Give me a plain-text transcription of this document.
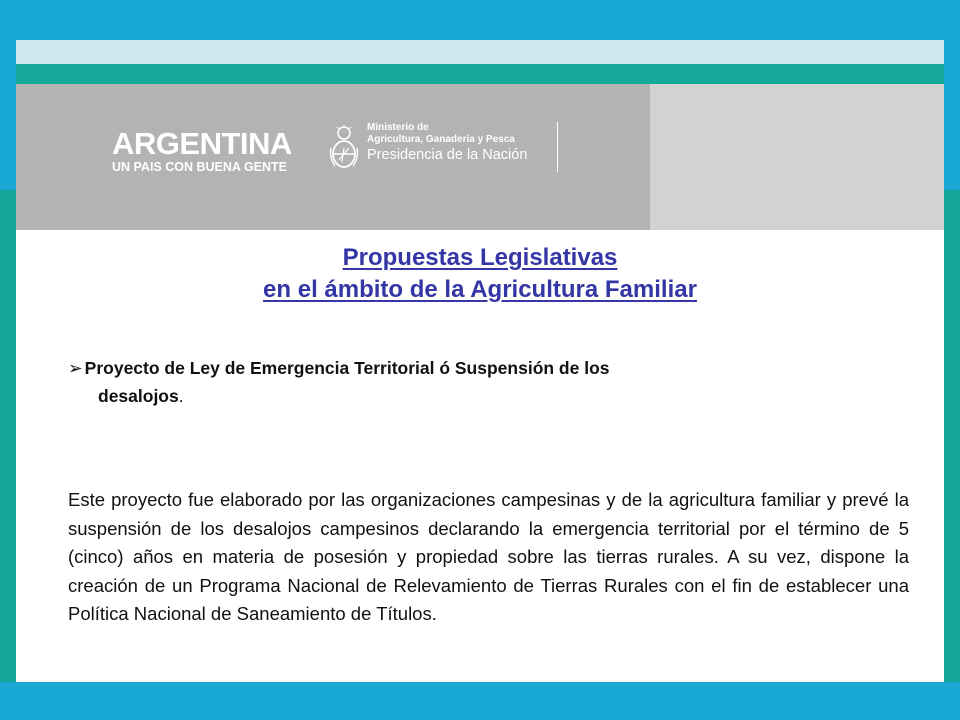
ARGENTINA
UN PAIS CON BUENA GENTE
Ministerio de
Agricultura, Ganadería y Pesca
Presidencia de la Nación
Propuestas Legislativas
en el ámbito de la Agricultura Familiar
➢ Proyecto de Ley de Emergencia Territorial ó Suspensión de los
desalojos.
Este proyecto fue elaborado por las organizaciones campesinas y de la agricultura familiar y prevé la suspensión de los desalojos campesinos declarando la emergencia territorial por el término de 5 (cinco) años en materia de posesión y propiedad sobre las tierras rurales. A su vez, dispone la creación de un Programa Nacional de Relevamiento de Tierras Rurales con el fin de establecer una Política Nacional de Saneamiento de Títulos.
